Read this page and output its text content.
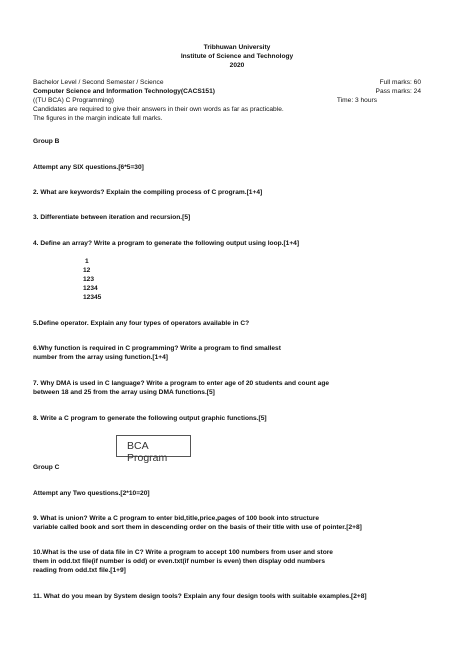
Tribhuwan University
Institute of Science and Technology
2020
Bachelor Level / Second Semester / Science	Full marks: 60
Computer Science and Information Technology(CACS151)	Pass marks: 24
((TU BCA) C Programming)	Time: 3 hours
Candidates are required to give their answers in their own words as far as practicable.
The figures in the margin indicate full marks.
Group B
Attempt any SIX questions.[6*5=30]
2. What are keywords? Explain the compiling process of C program.[1+4]
3. Differentiate between iteration and recursion.[5]
4. Define an array? Write a program to generate the following output using loop.[1+4]
1
12
123
1234
12345
5.Define operator. Explain any four types of operators available in C?
6.Why function is required in C programming? Write a program to find smallest
number from the array using function.[1+4]
7. Why DMA is used in C language? Write a program to enter age of 20 students and count age
between 18 and 25 from the array using DMA functions.[5]
8. Write a C program to generate the following output graphic functions.[5]
BCA Program
Group C
Attempt any Two questions.[2*10=20]
9. What is union? Write a C program to enter bid,title,price,pages of 100 book into structure
variable called book and sort them in descending order on the basis of their title with use of pointer.[2+8]
10.What is the use of data file in C? Write a program to accept 100 numbers from user and store
them in odd.txt file(if number is odd) or even.txt(if number is even) then display odd numbers
reading from odd.txt file.[1+9]
11. What do you mean by System design tools? Explain any four design tools with suitable examples.[2+8]
